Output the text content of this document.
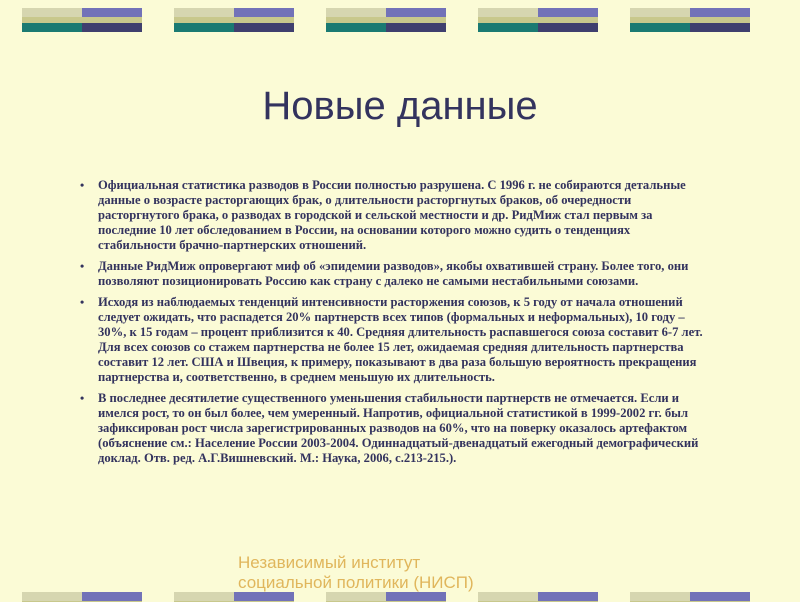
Новые данные
• Официальная статистика разводов в России полностью разрушена. С 1996 г. не собираются детальные данные о возрасте расторгающих брак, о длительности расторгнутых браков, об очередности расторгнутого брака, о разводах в городской и сельской местности и др. РидМиж стал первым за последние 10 лет обследованием в России, на основании которого можно судить о тенденциях стабильности брачно-партнерских отношений.
• Данные РидМиж опровергают миф об «эпидемии разводов», якобы охватившей страну. Более того, они позволяют позиционировать Россию как страну с далеко не самыми нестабильными союзами.
• Исходя из наблюдаемых тенденций интенсивности расторжения союзов, к 5 году от начала отношений следует ожидать, что распадется 20% партнерств всех типов (формальных и неформальных), 10 году – 30%, к 15 годам – процент приблизится к 40. Средняя длительность распавшегося союза составит 6-7 лет. Для всех союзов со стажем партнерства не более 15 лет, ожидаемая средняя длительность партнерства составит 12 лет. США и Швеция, к примеру, показывают в два раза большую вероятность прекращения партнерства и, соответственно, в среднем меньшую их длительность.
• В последнее десятилетие существенного уменьшения стабильности партнерств не отмечается. Если и имелся рост, то он был более, чем умеренный. Напротив, официальной статистикой в 1999-2002 гг. был зафиксирован рост числа зарегистрированных разводов на 60%, что на поверку оказалось артефактом (объяснение см.: Население России 2003-2004. Одиннадцатый-двенадцатый ежегодный демографический доклад. Отв. ред. А.Г.Вишневский. М.: Наука, 2006, с.213-215.).
Независимый институт
социальной политики (НИСП)
